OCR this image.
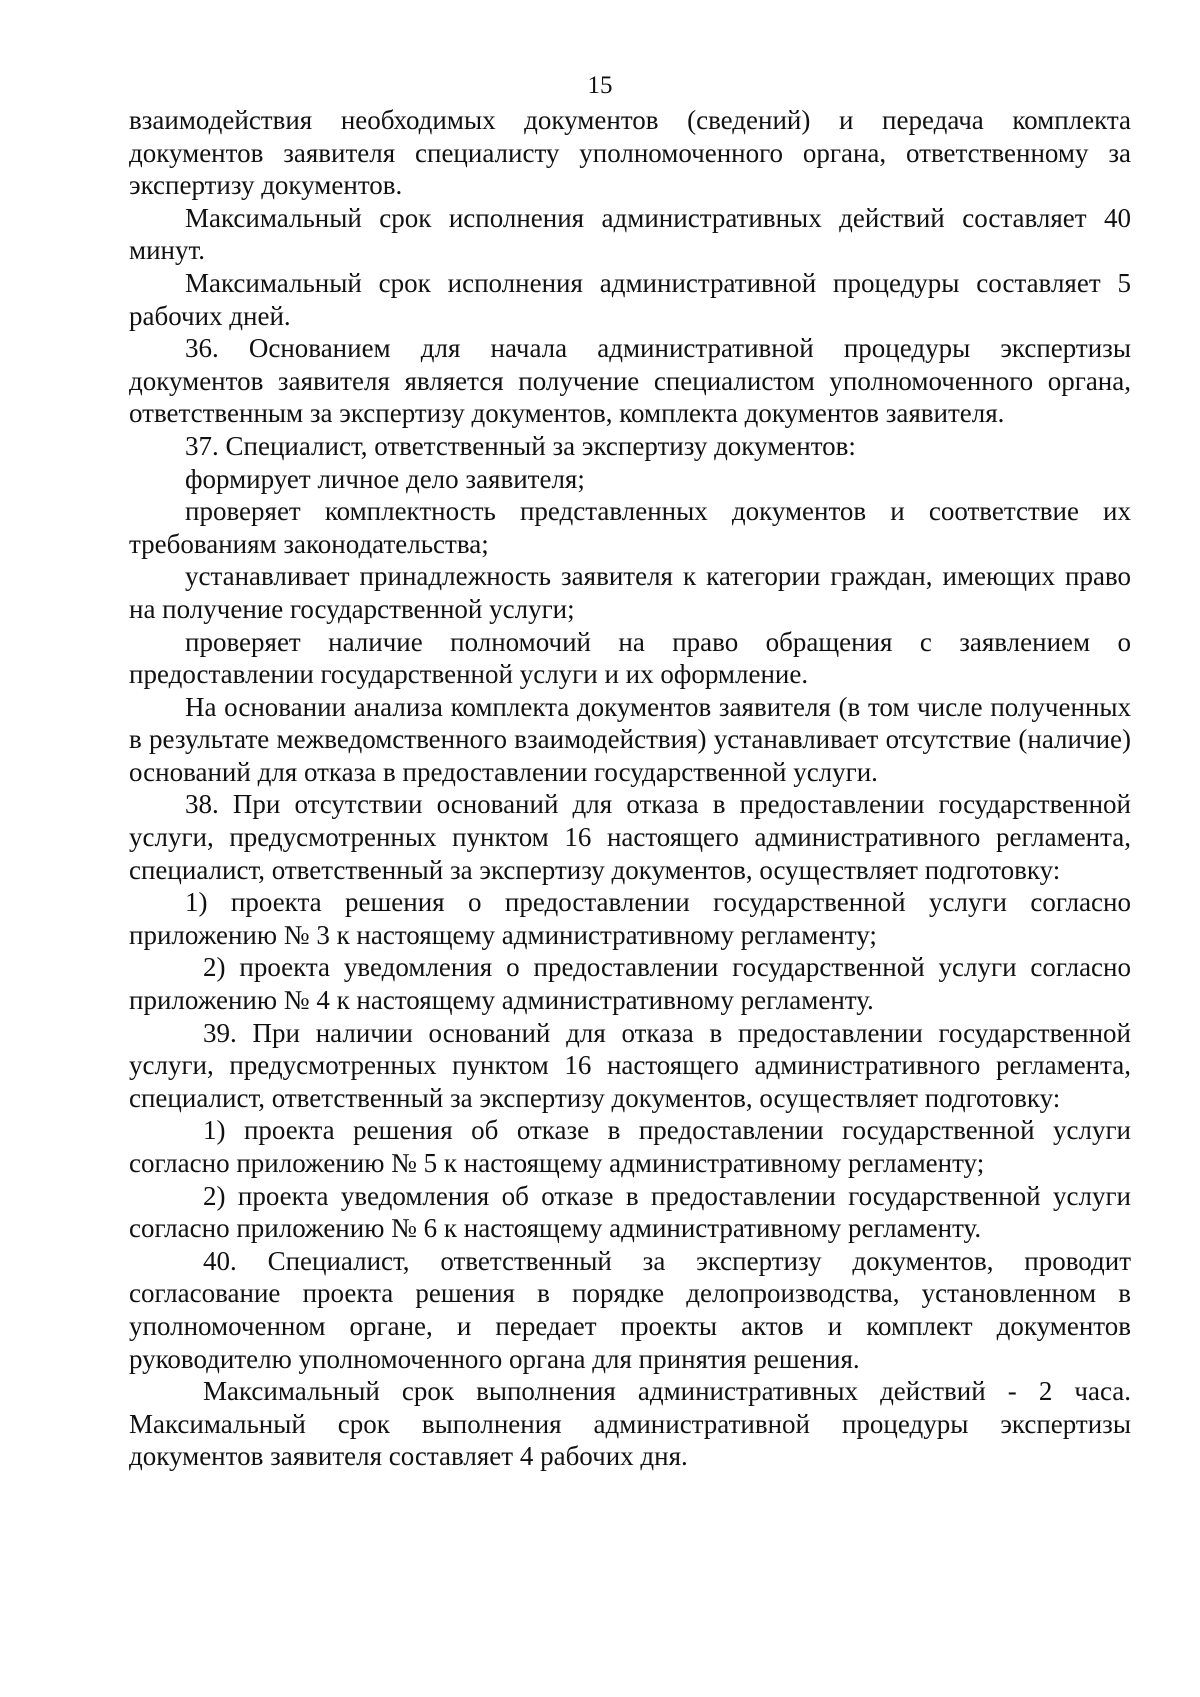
15

взаимодействия необходимых документов (сведений) и передача комплекта документов заявителя специалисту уполномоченного органа, ответственному за экспертизу документов.

Максимальный срок исполнения административных действий составляет 40 минут.

Максимальный срок исполнения административной процедуры составляет 5 рабочих дней.

36. Основанием для начала административной процедуры экспертизы документов заявителя является получение специалистом уполномоченного органа, ответственным за экспертизу документов, комплекта документов заявителя.

37. Специалист, ответственный за экспертизу документов:

формирует личное дело заявителя;

проверяет комплектность представленных документов и соответствие их требованиям законодательства;

устанавливает принадлежность заявителя к категории граждан, имеющих право на получение государственной услуги;

проверяет наличие полномочий на право обращения с заявлением о предоставлении государственной услуги и их оформление.

На основании анализа комплекта документов заявителя (в том числе полученных в результате межведомственного взаимодействия) устанавливает отсутствие (наличие) оснований для отказа в предоставлении государственной услуги.

38. При отсутствии оснований для отказа в предоставлении государственной услуги, предусмотренных пунктом 16 настоящего административного регламента, специалист, ответственный за экспертизу документов, осуществляет подготовку:

1) проекта решения о предоставлении государственной услуги согласно приложению № 3 к настоящему административному регламенту;

2) проекта уведомления о предоставлении государственной услуги согласно приложению № 4 к настоящему административному регламенту.

39. При наличии оснований для отказа в предоставлении государственной услуги, предусмотренных пунктом 16 настоящего административного регламента, специалист, ответственный за экспертизу документов, осуществляет подготовку:

1) проекта решения об отказе в предоставлении государственной услуги согласно приложению № 5 к настоящему административному регламенту;

2) проекта уведомления об отказе в предоставлении государственной услуги согласно приложению № 6 к настоящему административному регламенту.

40. Специалист, ответственный за экспертизу документов, проводит согласование проекта решения в порядке делопроизводства, установленном в уполномоченном органе, и передает проекты актов и комплект документов руководителю уполномоченного органа для принятия решения.

Максимальный срок выполнения административных действий - 2 часа. Максимальный срок выполнения административной процедуры экспертизы документов заявителя составляет 4 рабочих дня.
